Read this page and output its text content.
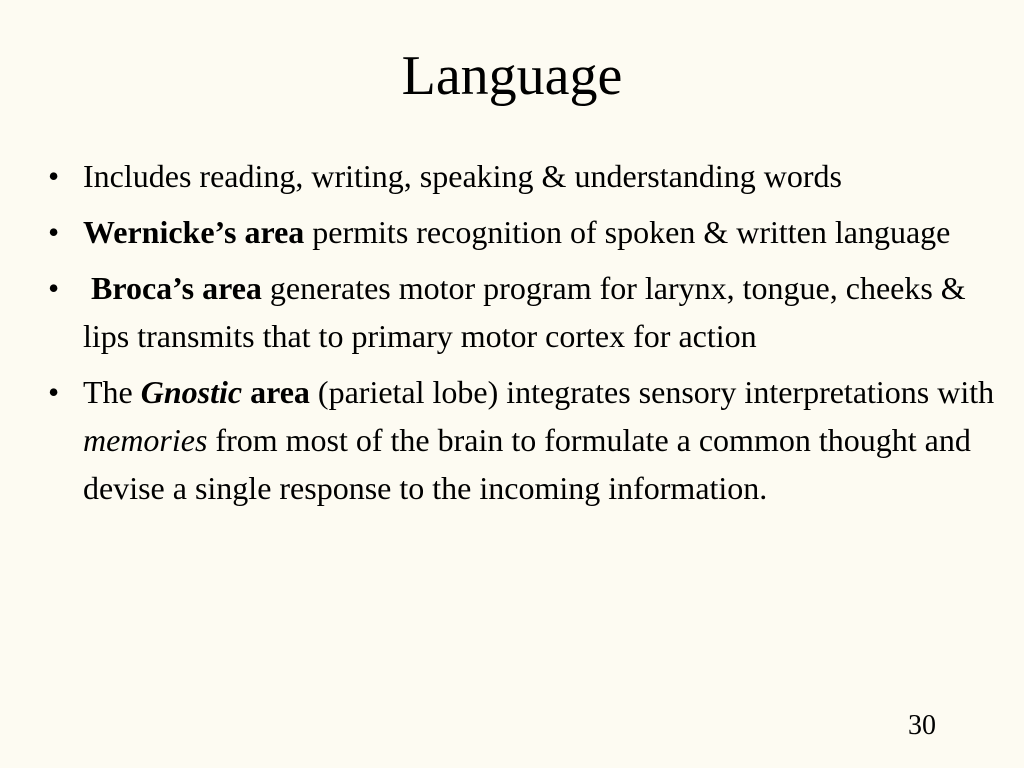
Language
• Includes reading, writing, speaking & understanding words
• Wernicke’s area permits recognition of spoken & written language
• Broca’s area generates motor program for larynx, tongue, cheeks & lips transmits that to primary motor cortex for action
• The Gnostic area (parietal lobe) integrates sensory interpretations with memories from most of the brain to formulate a common thought and devise a single response to the incoming information.
30
